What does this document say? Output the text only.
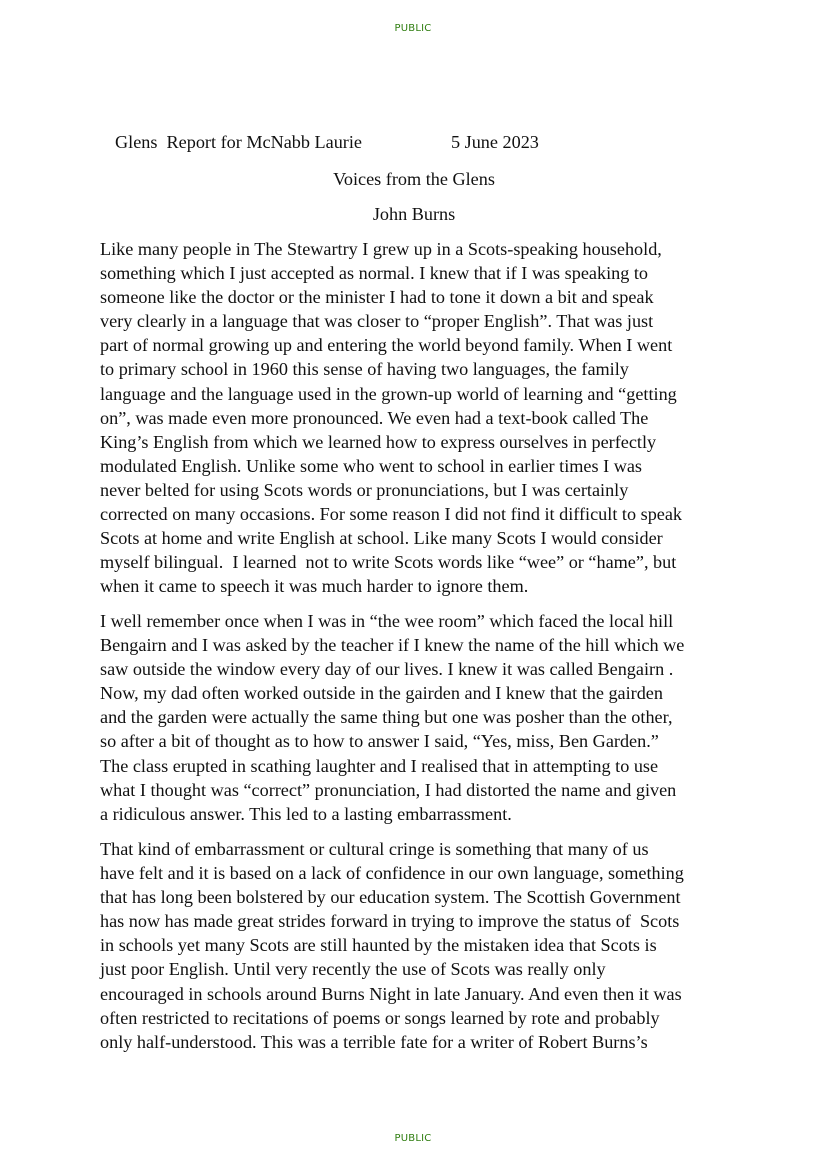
PUBLIC
Glens  Report for McNabb Laurie	5 June 2023
Voices from the Glens
John Burns
Like many people in The Stewartry I grew up in a Scots-speaking household,
something which I just accepted as normal. I knew that if I was speaking to
someone like the doctor or the minister I had to tone it down a bit and speak
very clearly in a language that was closer to “proper English”. That was just
part of normal growing up and entering the world beyond family. When I went
to primary school in 1960 this sense of having two languages, the family
language and the language used in the grown-up world of learning and “getting
on”, was made even more pronounced. We even had a text-book called The
King’s English from which we learned how to express ourselves in perfectly
modulated English. Unlike some who went to school in earlier times I was
never belted for using Scots words or pronunciations, but I was certainly
corrected on many occasions. For some reason I did not find it difficult to speak
Scots at home and write English at school. Like many Scots I would consider
myself bilingual.  I learned  not to write Scots words like “wee” or “hame”, but
when it came to speech it was much harder to ignore them.
I well remember once when I was in “the wee room” which faced the local hill
Bengairn and I was asked by the teacher if I knew the name of the hill which we
saw outside the window every day of our lives. I knew it was called Bengairn .
Now, my dad often worked outside in the gairden and I knew that the gairden
and the garden were actually the same thing but one was posher than the other,
so after a bit of thought as to how to answer I said, “Yes, miss, Ben Garden.”
The class erupted in scathing laughter and I realised that in attempting to use
what I thought was “correct” pronunciation, I had distorted the name and given
a ridiculous answer. This led to a lasting embarrassment.
That kind of embarrassment or cultural cringe is something that many of us
have felt and it is based on a lack of confidence in our own language, something
that has long been bolstered by our education system. The Scottish Government
has now has made great strides forward in trying to improve the status of  Scots
in schools yet many Scots are still haunted by the mistaken idea that Scots is
just poor English. Until very recently the use of Scots was really only
encouraged in schools around Burns Night in late January. And even then it was
often restricted to recitations of poems or songs learned by rote and probably
only half-understood. This was a terrible fate for a writer of Robert Burns’s
PUBLIC
